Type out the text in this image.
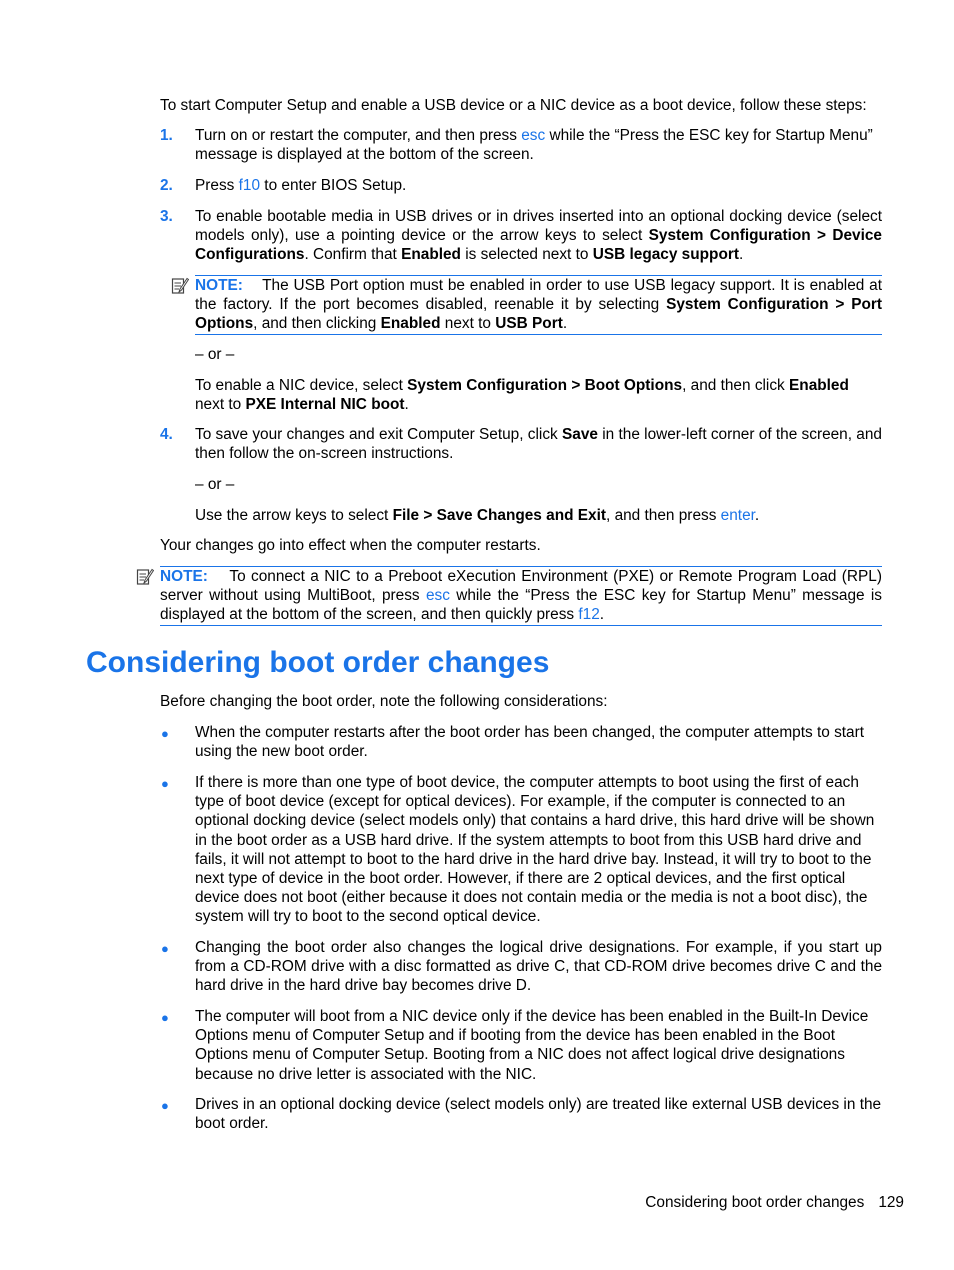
To start Computer Setup and enable a USB device or a NIC device as a boot device, follow these steps:

1. Turn on or restart the computer, and then press esc while the “Press the ESC key for Startup Menu”
message is displayed at the bottom of the screen.

2. Press f10 to enter BIOS Setup.

3. To enable bootable media in USB drives or in drives inserted into an optional docking device (select models only), use a pointing device or the arrow keys to select System Configuration > Device Configurations. Confirm that Enabled is selected next to USB legacy support.

NOTE: The USB Port option must be enabled in order to use USB legacy support. It is enabled at the factory. If the port becomes disabled, reenable it by selecting System Configuration > Port Options, and then clicking Enabled next to USB Port.

– or –

To enable a NIC device, select System Configuration > Boot Options, and then click Enabled
next to PXE Internal NIC boot.

4. To save your changes and exit Computer Setup, click Save in the lower-left corner of the screen, and then follow the on-screen instructions.

– or –

Use the arrow keys to select File > Save Changes and Exit, and then press enter.

Your changes go into effect when the computer restarts.

NOTE: To connect a NIC to a Preboot eXecution Environment (PXE) or Remote Program Load (RPL) server without using MultiBoot, press esc while the “Press the ESC key for Startup Menu” message is displayed at the bottom of the screen, and then quickly press f12.

Considering boot order changes

Before changing the boot order, note the following considerations:

● When the computer restarts after the boot order has been changed, the computer attempts to start using the new boot order.

● If there is more than one type of boot device, the computer attempts to boot using the first of each type of boot device (except for optical devices). For example, if the computer is connected to an optional docking device (select models only) that contains a hard drive, this hard drive will be shown in the boot order as a USB hard drive. If the system attempts to boot from this USB hard drive and fails, it will not attempt to boot to the hard drive in the hard drive bay. Instead, it will try to boot to the next type of device in the boot order. However, if there are 2 optical devices, and the first optical device does not boot (either because it does not contain media or the media is not a boot disc), the system will try to boot to the second optical device.

● Changing the boot order also changes the logical drive designations. For example, if you start up from a CD-ROM drive with a disc formatted as drive C, that CD-ROM drive becomes drive C and the hard drive in the hard drive bay becomes drive D.

● The computer will boot from a NIC device only if the device has been enabled in the Built-In Device Options menu of Computer Setup and if booting from the device has been enabled in the Boot Options menu of Computer Setup. Booting from a NIC does not affect logical drive designations because no drive letter is associated with the NIC.

● Drives in an optional docking device (select models only) are treated like external USB devices in the boot order.

Considering boot order changes 129
